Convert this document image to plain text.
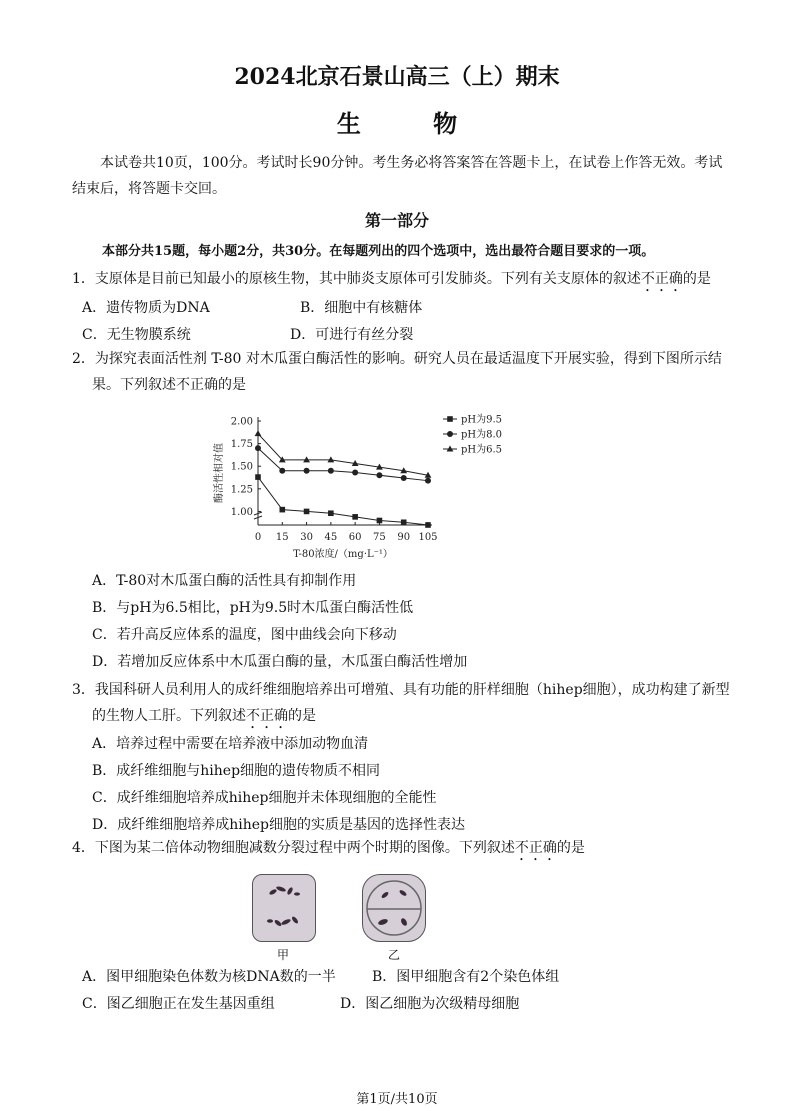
2024北京石景山高三（上）期末
生 物
本试卷共10页，100分。考试时长90分钟。考生务必将答案答在答题卡上，在试卷上作答无效。考试结束后，将答题卡交回。
第一部分
本部分共15题，每小题2分，共30分。在每题列出的四个选项中，选出最符合题目要求的一项。
1．支原体是目前已知最小的原核生物，其中肺炎支原体可引发肺炎。下列有关支原体的叙述不正确的是
A．遗传物质为DNA	B．细胞中有核糖体
C．无生物膜系统	D．可进行有丝分裂
2．为探究表面活性剂 T-80 对木瓜蛋白酶活性的影响。研究人员在最适温度下开展实验，得到下图所示结
果。下列叙述不正确的是
1.00
1.25
1.50
1.75
2.00
0 15 30 45 60 75 90 105
T-80浓度/（mg·L⁻¹）
酶活性相对值
pH为9.5
pH为8.0
pH为6.5
A．T-80对木瓜蛋白酶的活性具有抑制作用
B．与pH为6.5相比，pH为9.5时木瓜蛋白酶活性低
C．若升高反应体系的温度，图中曲线会向下移动
D．若增加反应体系中木瓜蛋白酶的量，木瓜蛋白酶活性增加
3．我国科研人员利用人的成纤维细胞培养出可增殖、具有功能的肝样细胞（hihep细胞），成功构建了新型
的生物人工肝。下列叙述不正确的是
A．培养过程中需要在培养液中添加动物血清
B．成纤维细胞与hihep细胞的遗传物质不相同
C．成纤维细胞培养成hihep细胞并未体现细胞的全能性
D．成纤维细胞培养成hihep细胞的实质是基因的选择性表达
4．下图为某二倍体动物细胞减数分裂过程中两个时期的图像。下列叙述不正确的是
甲	乙
A．图甲细胞染色体数为核DNA数的一半	B．图甲细胞含有2个染色体组
C．图乙细胞正在发生基因重组	D．图乙细胞为次级精母细胞
第1页/共10页
